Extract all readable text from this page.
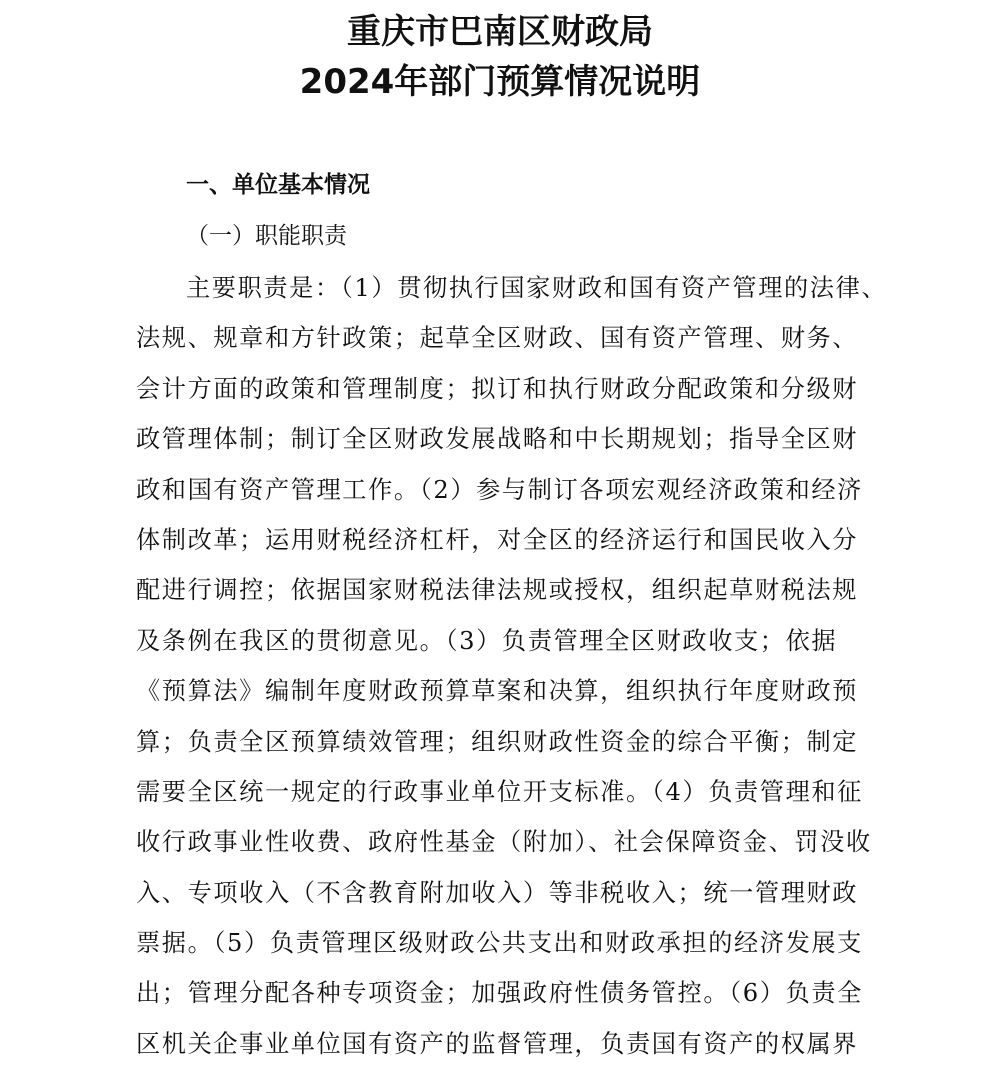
重庆市巴南区财政局
2024年部门预算情况说明
一、单位基本情况
（一）职能职责
主要职责是：（1）贯彻执行国家财政和国有资产管理的法律、
法规、规章和方针政策；起草全区财政、国有资产管理、财务、
会计方面的政策和管理制度；拟订和执行财政分配政策和分级财
政管理体制；制订全区财政发展战略和中长期规划；指导全区财
政和国有资产管理工作。（2）参与制订各项宏观经济政策和经济
体制改革；运用财税经济杠杆，对全区的经济运行和国民收入分
配进行调控；依据国家财税法律法规或授权，组织起草财税法规
及条例在我区的贯彻意见。（3）负责管理全区财政收支；依据
《预算法》编制年度财政预算草案和决算，组织执行年度财政预
算；负责全区预算绩效管理；组织财政性资金的综合平衡；制定
需要全区统一规定的行政事业单位开支标准。（4）负责管理和征
收行政事业性收费、政府性基金（附加）、社会保障资金、罚没收
入、专项收入（不含教育附加收入）等非税收入；统一管理财政
票据。（5）负责管理区级财政公共支出和财政承担的经济发展支
出；管理分配各种专项资金；加强政府性债务管控。（6）负责全
区机关企事业单位国有资产的监督管理，负责国有资产的权属界
